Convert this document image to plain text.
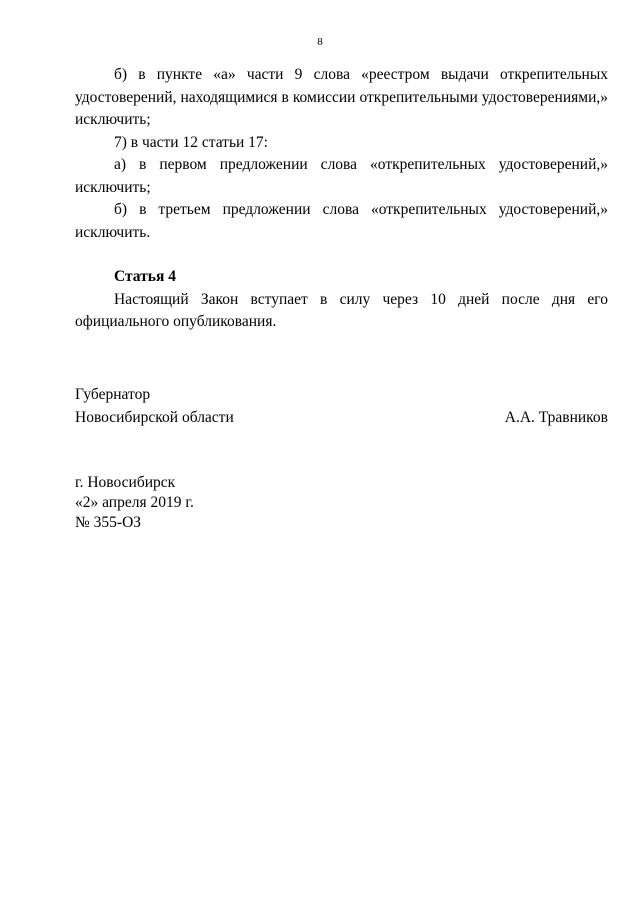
8

б) в пункте «а» части 9 слова «реестром выдачи открепительных удостоверений, находящимися в комиссии открепительными удостоверениями,» исключить;

7) в части 12 статьи 17:

а) в первом предложении слова «открепительных удостоверений,» исключить;

б) в третьем предложении слова «открепительных удостоверений,» исключить.

Статья 4

Настоящий Закон вступает в силу через 10 дней после дня его официального опубликования.

Губернатор
Новосибирской области	А.А. Травников
г. Новосибирск
«2» апреля 2019 г.
№ 355-ОЗ
